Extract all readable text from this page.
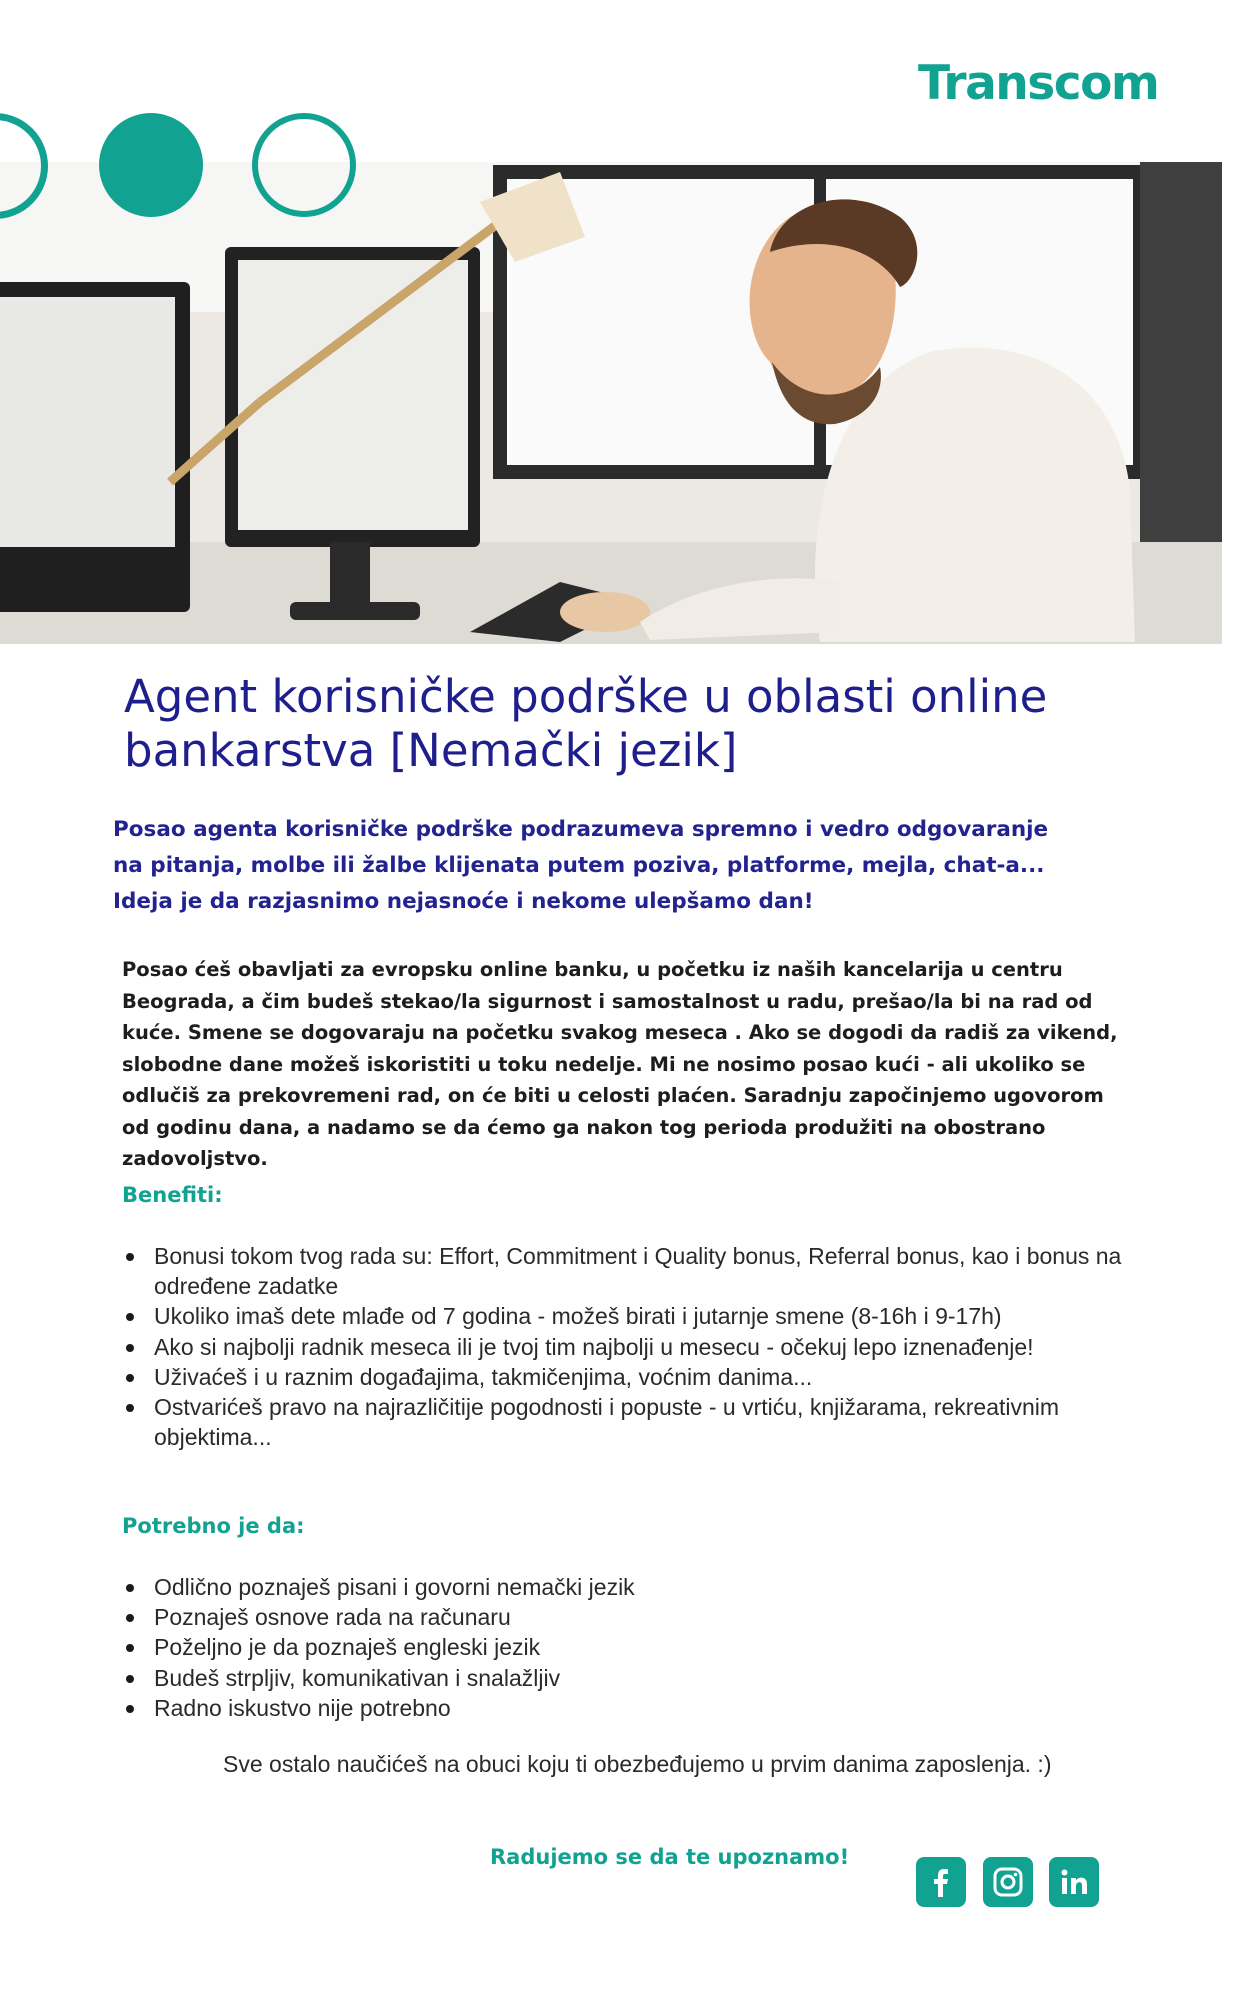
Transcom
Agent korisničke podrške u oblasti online bankarstva [Nemački jezik]

Posao agenta korisničke podrške podrazumeva spremno i vedro odgovaranje na pitanja, molbe ili žalbe klijenata putem poziva, platforme, mejla, chat-a... Ideja je da razjasnimo nejasnoće i nekome ulepšamo dan!

Posao ćeš obavljati za evropsku online banku, u početku iz naših kancelarija u centru Beograda, a čim budeš stekao/la sigurnost i samostalnost u radu, prešao/la bi na rad od kuće. Smene se dogovaraju na početku svakog meseca . Ako se dogodi da radiš za vikend, slobodne dane možeš iskoristiti u toku nedelje. Mi ne nosimo posao kući - ali ukoliko se odlučiš za prekovremeni rad, on će biti u celosti plaćen. Saradnju započinjemo ugovorom od godinu dana, a nadamo se da ćemo ga nakon tog perioda produžiti na obostrano zadovoljstvo.

Benefiti:
Bonusi tokom tvog rada su: Effort, Commitment i Quality bonus, Referral bonus, kao i bonus na određene zadatke
Ukoliko imaš dete mlađe od 7 godina - možeš birati i jutarnje smene (8-16h i 9-17h)
Ako si najbolji radnik meseca ili je tvoj tim najbolji u mesecu - očekuj lepo iznenađenje!
Uživaćeš i u raznim događajima, takmičenjima, voćnim danima...
Ostvarićeš pravo na najrazličitije pogodnosti i popuste - u vrtiću, knjižarama, rekreativnim objektima...
Potrebno je da:
Odlično poznaješ pisani i govorni nemački jezik
Poznaješ osnove rada na računaru
Poželjno je da poznaješ engleski jezik
Budeš strpljiv, komunikativan i snalažljiv
Radno iskustvo nije potrebno

Sve ostalo naučićeš na obuci koju ti obezbeđujemo u prvim danima zaposlenja. :)

Radujemo se da te upoznamo!
